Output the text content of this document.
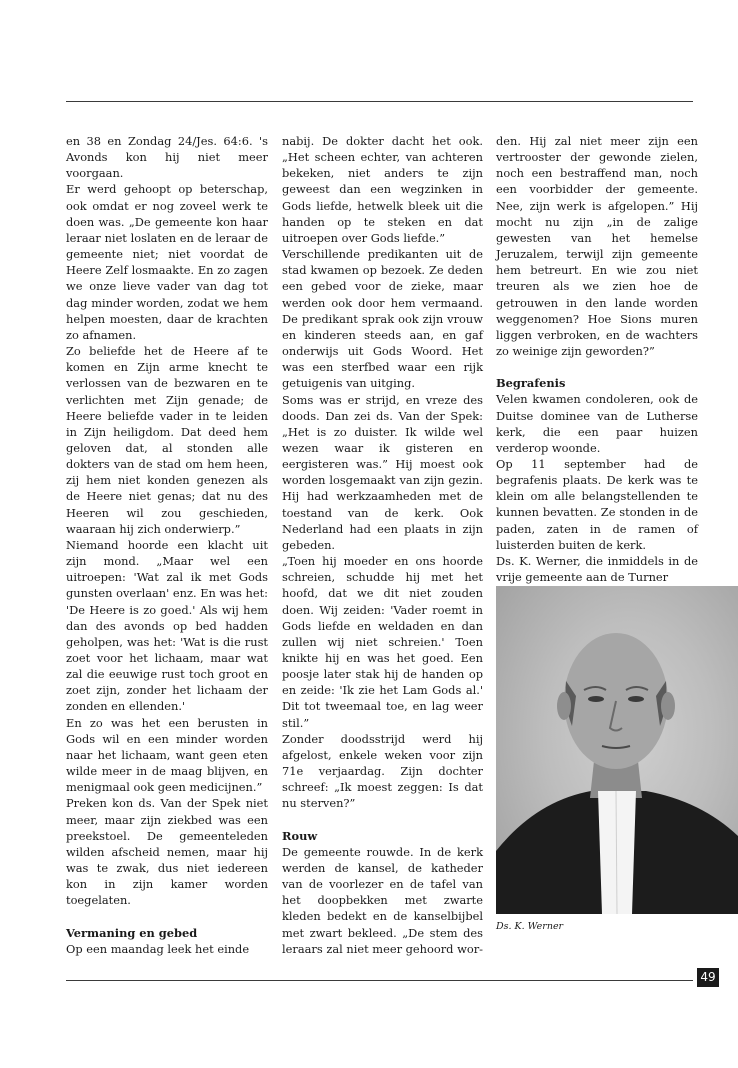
en 38 en Zondag 24/Jes. 64:6. 's Avonds kon hij niet meer voorgaan.

Er werd gehoopt op beterschap, ook omdat er nog zoveel werk te doen was. „De gemeente kon haar leraar niet loslaten en de leraar de gemeente niet; niet voordat de Heere Zelf losmaakte. En zo zagen we onze lieve vader van dag tot dag minder worden, zodat we hem helpen moesten, daar de krachten zo afnamen.

Zo beliefde het de Heere af te komen en Zijn arme knecht te verlossen van de bezwaren en te verlichten met Zijn genade; de Heere beliefde vader in te leiden in Zijn heiligdom. Dat deed hem geloven dat, al stonden alle dokters van de stad om hem heen, zij hem niet konden genezen als de Heere niet genas; dat nu des Heeren wil zou geschieden, waaraan hij zich onderwierp.”

Niemand hoorde een klacht uit zijn mond. „Maar wel een uitroepen: 'Wat zal ik met Gods gunsten overlaan' enz. En was het: 'De Heere is zo goed.' Als wij hem dan des avonds op bed hadden geholpen, was het: 'Wat is die rust zoet voor het lichaam, maar wat zal die eeuwige rust toch groot en zoet zijn, zonder het lichaam der zonden en ellenden.'

En zo was het een berusten in Gods wil en een minder worden naar het lichaam, want geen eten wilde meer in de maag blijven, en menigmaal ook geen medicijnen.”

Preken kon ds. Van der Spek niet meer, maar zijn ziekbed was een preekstoel. De gemeenteleden wilden afscheid nemen, maar hij was te zwak, dus niet iedereen kon in zijn kamer worden toegelaten.

Vermaning en gebed

Op een maandag leek het einde

nabij. De dokter dacht het ook. „Het scheen echter, van achteren bekeken, niet anders te zijn geweest dan een wegzinken in Gods liefde, hetwelk bleek uit die handen op te steken en dat uitroepen over Gods liefde.”

Verschillende predikanten uit de stad kwamen op bezoek. Ze deden een gebed voor de zieke, maar werden ook door hem vermaand. De predikant sprak ook zijn vrouw en kinderen steeds aan, en gaf onderwijs uit Gods Woord. Het was een sterfbed waar een rijk getuigenis van uitging.

Soms was er strijd, en vreze des doods. Dan zei ds. Van der Spek: „Het is zo duister. Ik wilde wel wezen waar ik gisteren en eergisteren was.” Hij moest ook worden losgemaakt van zijn gezin. Hij had werkzaamheden met de toestand van de kerk. Ook Nederland had een plaats in zijn gebeden.

„Toen hij moeder en ons hoorde schreien, schudde hij met het hoofd, dat we dit niet zouden doen. Wij zeiden: 'Vader roemt in Gods liefde en weldaden en dan zullen wij niet schreien.' Toen knikte hij en was het goed. Een poosje later stak hij de handen op en zeide: 'Ik zie het Lam Gods al.' Dit tot tweemaal toe, en lag weer stil.”

Zonder doodsstrijd werd hij afgelost, enkele weken voor zijn 71e verjaardag. Zijn dochter schreef: „Ik moest zeggen: Is dat nu sterven?”

Rouw

De gemeente rouwde. In de kerk werden de kansel, de katheder van de voorlezer en de tafel van het doopbekken met zwarte kleden bedekt en de kanselbijbel met zwart bekleed. „De stem des leraars zal niet meer gehoord wor-

den. Hij zal niet meer zijn een vertrooster der gewonde zielen, noch een bestraffend man, noch een voorbidder der gemeente. Nee, zijn werk is afgelopen.” Hij mocht nu zijn „in de zalige gewesten van het hemelse Jeruzalem, terwijl zijn gemeente hem betreurt. En wie zou niet treuren als we zien hoe de getrouwen in den lande worden weggenomen? Hoe Sions muren liggen verbroken, en de wachters zo weinige zijn geworden?”

Begrafenis

Velen kwamen condoleren, ook de Duitse dominee van de Lutherse kerk, die een paar huizen verderop woonde.

Op 11 september had de begrafenis plaats. De kerk was te klein om alle belangstellenden te kunnen bevatten. Ze stonden in de paden, zaten in de ramen of luisterden buiten de kerk.

Ds. K. Werner, die inmiddels in de vrije gemeente aan de Turner

Ds. K. Werner
49
